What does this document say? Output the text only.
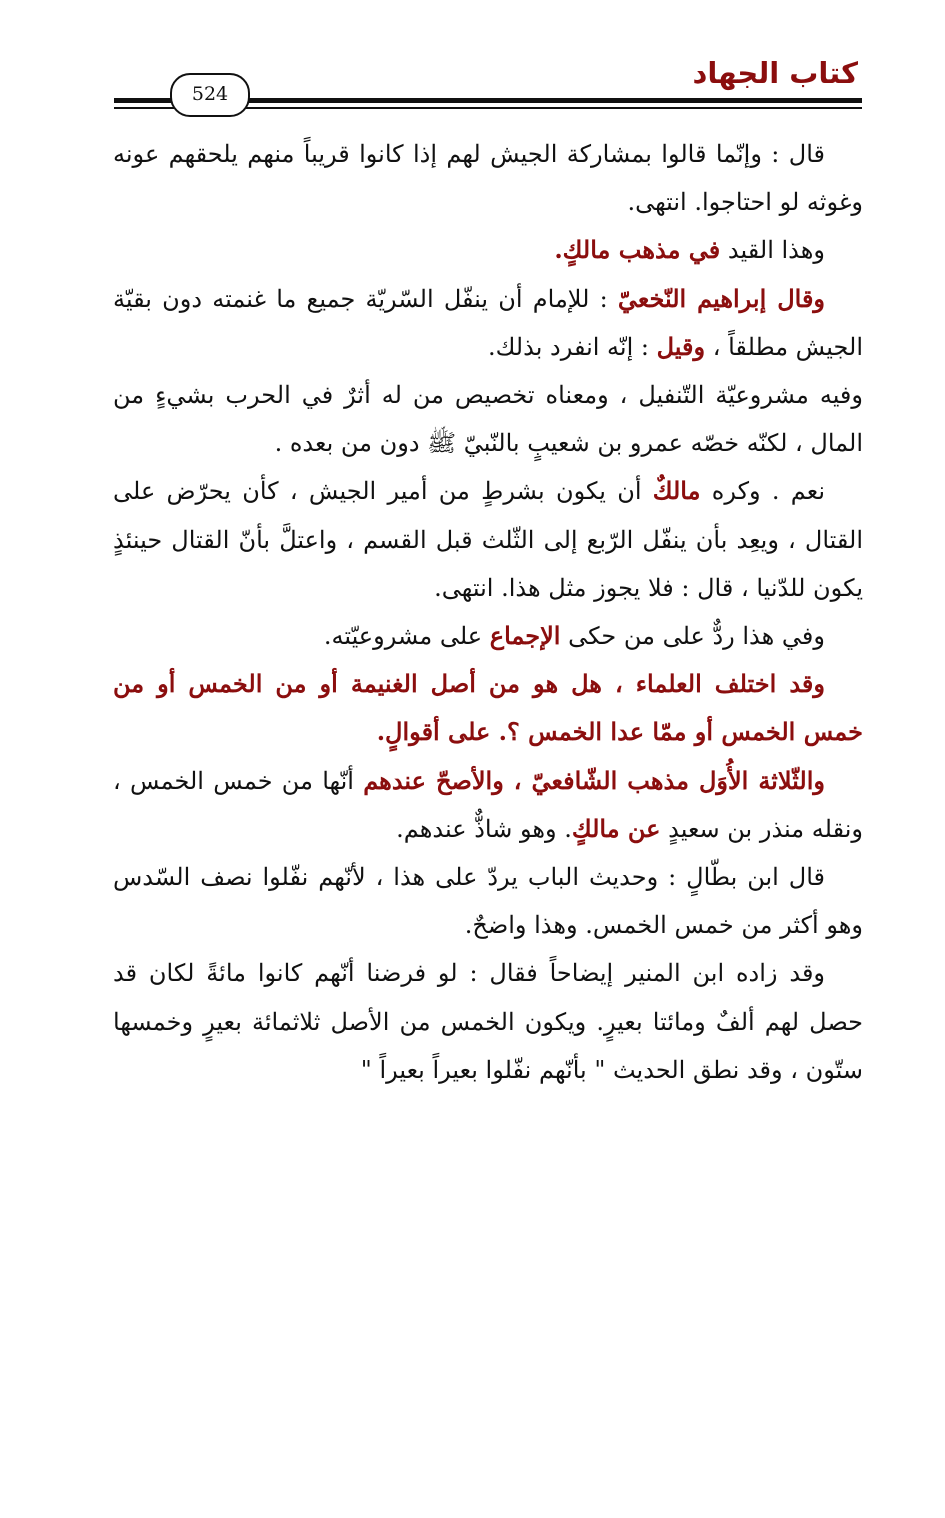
كتاب الجهاد
524

قال : وإنّما قالوا بمشاركة الجيش لهم إذا كانوا قريباً منهم يلحقهم عونه وغوثه لو احتاجوا. انتهى.

وهذا القيد في مذهب مالكٍ.

وقال إبراهيم النّخعيّ : للإمام أن ينفّل السّريّة جميع ما غنمته دون بقيّة الجيش مطلقاً ، وقيل : إنّه انفرد بذلك.

وفيه مشروعيّة التّنفيل ، ومعناه تخصيص من له أثرٌ في الحرب بشيءٍ من المال ، لكنّه خصّه عمرو بن شعيبٍ بالنّبيّ ﷺ دون من بعده .

نعم . وكره مالكٌ أن يكون بشرطٍ من أمير الجيش ، كأن يحرّض على القتال ، ويعِد بأن ينفّل الرّبع إلى الثّلث قبل القسم ، واعتلَّ بأنّ القتال حينئذٍ يكون للدّنيا ، قال : فلا يجوز مثل هذا. انتهى.

وفي هذا ردٌّ على من حكى الإجماع على مشروعيّته.

وقد اختلف العلماء ، هل هو من أصل الغنيمة أو من الخمس أو من خمس الخمس أو ممّا عدا الخمس ؟. على أقوالٍ.

والثّلاثة الأُوَل مذهب الشّافعيّ ، والأصحّ عندهم أنّها من خمس الخمس ، ونقله منذر بن سعيدٍ عن مالكٍ. وهو شاذٌّ عندهم.

قال ابن بطّالٍ : وحديث الباب يردّ على هذا ، لأنّهم نفّلوا نصف السّدس وهو أكثر من خمس الخمس. وهذا واضحٌ.

وقد زاده ابن المنير إيضاحاً فقال : لو فرضنا أنّهم كانوا مائةً لكان قد حصل لهم ألفٌ ومائتا بعيرٍ. ويكون الخمس من الأصل ثلاثمائة بعيرٍ وخمسها ستّون ، وقد نطق الحديث " بأنّهم نفّلوا بعيراً بعيراً "
